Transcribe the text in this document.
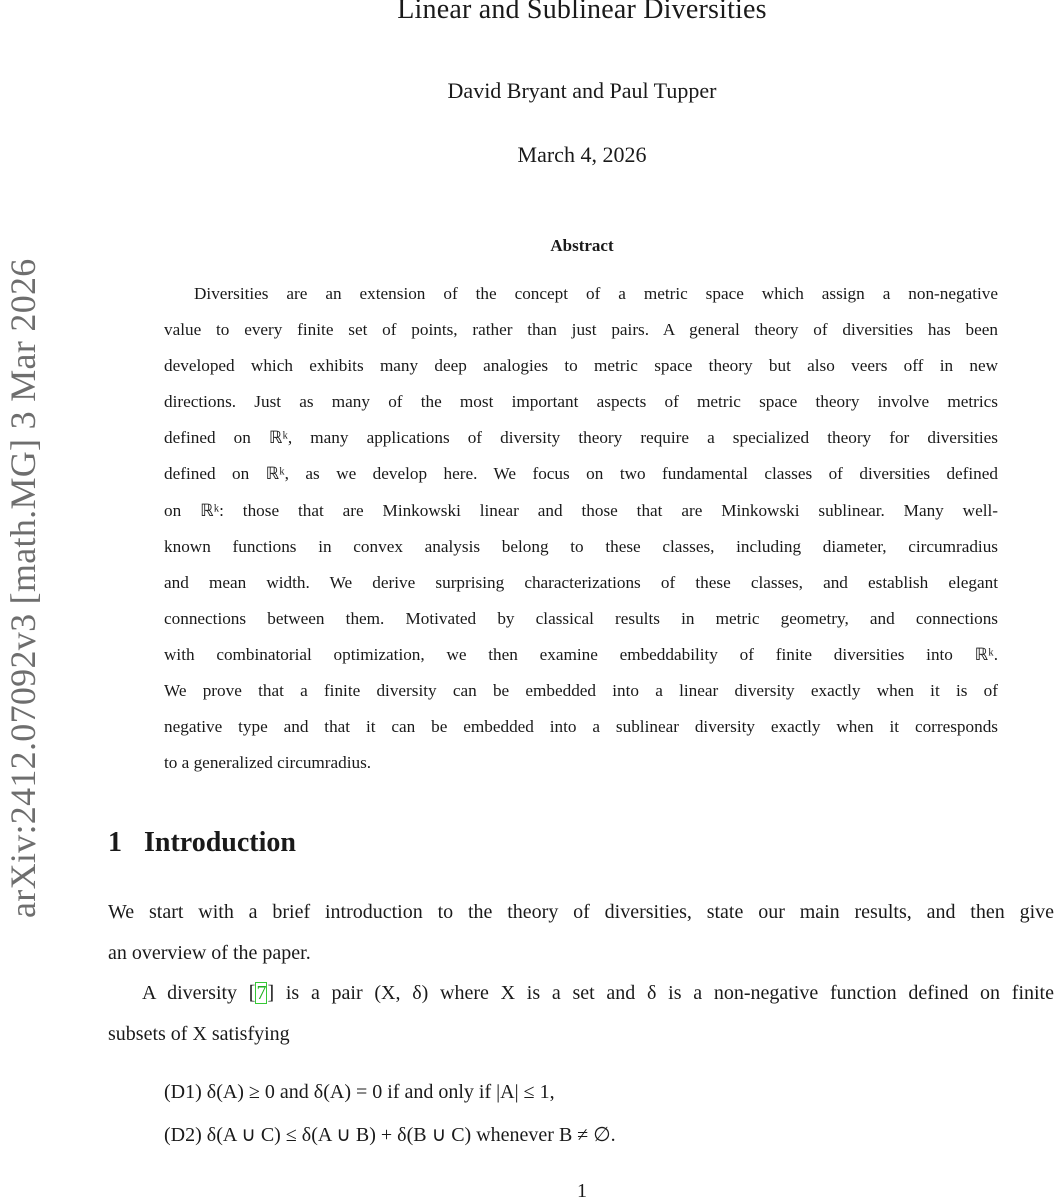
arXiv:2412.07092v3 [math.MG] 3 Mar 2026
Linear and Sublinear Diversities
David Bryant and Paul Tupper
March 4, 2026
Abstract
Diversities are an extension of the concept of a metric space which assign a non-negative
value to every finite set of points, rather than just pairs. A general theory of diversities has been
developed which exhibits many deep analogies to metric space theory but also veers off in new
directions. Just as many of the most important aspects of metric space theory involve metrics
defined on ℝᵏ, many applications of diversity theory require a specialized theory for diversities
defined on ℝᵏ, as we develop here. We focus on two fundamental classes of diversities defined
on ℝᵏ: those that are Minkowski linear and those that are Minkowski sublinear. Many well-
known functions in convex analysis belong to these classes, including diameter, circumradius
and mean width. We derive surprising characterizations of these classes, and establish elegant
connections between them. Motivated by classical results in metric geometry, and connections
with combinatorial optimization, we then examine embeddability of finite diversities into ℝᵏ.
We prove that a finite diversity can be embedded into a linear diversity exactly when it is of
negative type and that it can be embedded into a sublinear diversity exactly when it corresponds
to a generalized circumradius.
1 Introduction
We start with a brief introduction to the theory of diversities, state our main results, and then give
an overview of the paper.
A diversity [7] is a pair (X, δ) where X is a set and δ is a non-negative function defined on finite
subsets of X satisfying
(D1) δ(A) ≥ 0 and δ(A) = 0 if and only if |A| ≤ 1,
(D2) δ(A ∪ C) ≤ δ(A ∪ B) + δ(B ∪ C) whenever B ≠ ∅.
1
